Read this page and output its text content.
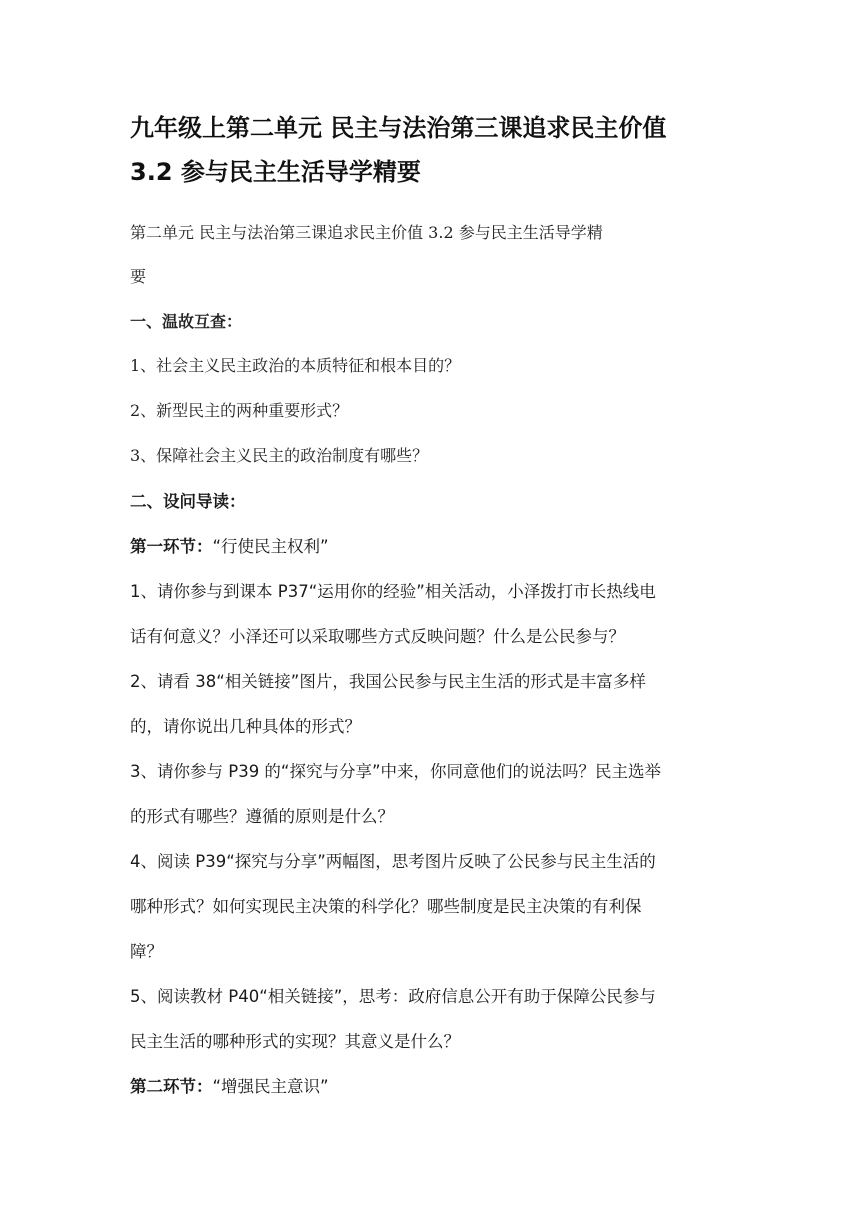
九年级上第二单元 民主与法治第三课追求民主价值
3.2 参与民主生活导学精要
第二单元 民主与法治第三课追求民主价值 3.2 参与民主生活导学精
要
一、温故互查：
1、社会主义民主政治的本质特征和根本目的？
2、新型民主的两种重要形式？
3、保障社会主义民主的政治制度有哪些？
二、设问导读：
第一环节：“行使民主权利”
1、请你参与到课本 P37“运用你的经验”相关活动，小泽拨打市长热线电
话有何意义？小泽还可以采取哪些方式反映问题？什么是公民参与？
2、请看 38“相关链接”图片，我国公民参与民主生活的形式是丰富多样
的，请你说出几种具体的形式？
3、请你参与 P39 的“探究与分享”中来，你同意他们的说法吗？民主选举
的形式有哪些？遵循的原则是什么？
4、阅读 P39“探究与分享”两幅图，思考图片反映了公民参与民主生活的
哪种形式？如何实现民主决策的科学化？哪些制度是民主决策的有利保
障？
5、阅读教材 P40“相关链接”，思考：政府信息公开有助于保障公民参与
民主生活的哪种形式的实现？其意义是什么？
第二环节：“增强民主意识”
